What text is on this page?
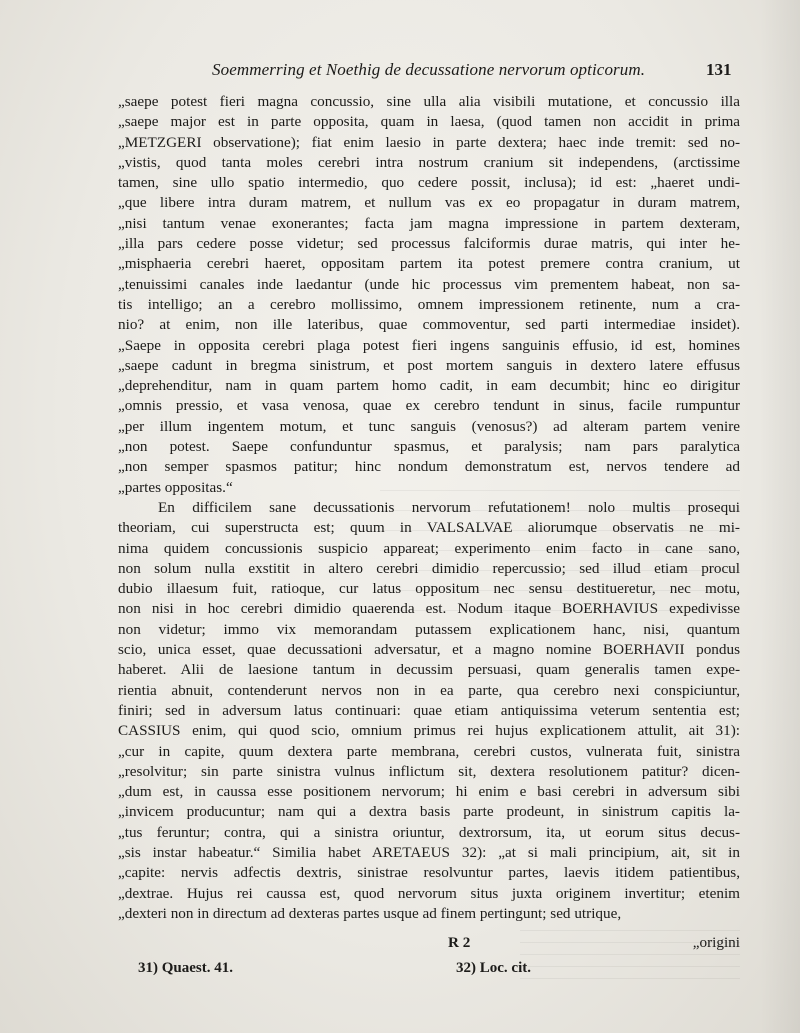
Soemmerring et Noethig de decussatione nervorum opticorum.	131
„saepe potest fieri magna concussio, sine ulla alia visibili mutatione, et concussio illa
„saepe major est in parte opposita, quam in laesa, (quod tamen non accidit in prima
„METZGERI observatione); fiat enim laesio in parte dextera; haec inde tremit: sed no-
„vistis, quod tanta moles cerebri intra nostrum cranium sit independens, (arctissime
tamen, sine ullo spatio intermedio, quo cedere possit, inclusa); id est: „haeret undi-
„que libere intra duram matrem, et nullum vas ex eo propagatur in duram matrem,
„nisi tantum venae exonerantes; facta jam magna impressione in partem dexteram,
„illa pars cedere posse videtur; sed processus falciformis durae matris, qui inter he-
„misphaeria cerebri haeret, oppositam partem ita potest premere contra cranium, ut
„tenuissimi canales inde laedantur (unde hic processus vim prementem habeat, non sa-
tis intelligo; an a cerebro mollissimo, omnem impressionem retinente, num a cra-
nio? at enim, non ille lateribus, quae commoventur, sed parti intermediae insidet).
„Saepe in opposita cerebri plaga potest fieri ingens sanguinis effusio, id est, homines
„saepe cadunt in bregma sinistrum, et post mortem sanguis in dextero latere effusus
„deprehenditur, nam in quam partem homo cadit, in eam decumbit; hinc eo dirigitur
„omnis pressio, et vasa venosa, quae ex cerebro tendunt in sinus, facile rumpuntur
„per illum ingentem motum, et tunc sanguis (venosus?) ad alteram partem venire
„non potest. Saepe confunduntur spasmus, et paralysis; nam pars paralytica
„non semper spasmos patitur; hinc nondum demonstratum est, nervos tendere ad
„partes oppositas.“
En difficilem sane decussationis nervorum refutationem! nolo multis prosequi
theoriam, cui superstructa est; quum in VALSALVAE aliorumque observatis ne mi-
nima quidem concussionis suspicio appareat; experimento enim facto in cane sano,
non solum nulla exstitit in altero cerebri dimidio repercussio; sed illud etiam procul
dubio illaesum fuit, ratioque, cur latus oppositum nec sensu destitueretur, nec motu,
non nisi in hoc cerebri dimidio quaerenda est. Nodum itaque BOERHAVIUS expedivisse
non videtur; immo vix memorandam putassem explicationem hanc, nisi, quantum
scio, unica esset, quae decussationi adversatur, et a magno nomine BOERHAVII pondus
haberet. Alii de laesione tantum in decussim persuasi, quam generalis tamen expe-
rientia abnuit, contenderunt nervos non in ea parte, qua cerebro nexi conspiciuntur,
finiri; sed in adversum latus continuari: quae etiam antiquissima veterum sententia est;
CASSIUS enim, qui quod scio, omnium primus rei hujus explicationem attulit, ait 31):
„cur in capite, quum dextera parte membrana, cerebri custos, vulnerata fuit, sinistra
„resolvitur; sin parte sinistra vulnus inflictum sit, dextera resolutionem patitur? dicen-
„dum est, in caussa esse positionem nervorum; hi enim e basi cerebri in adversum sibi
„invicem producuntur; nam qui a dextra basis parte prodeunt, in sinistrum capitis la-
„tus feruntur; contra, qui a sinistra oriuntur, dextrorsum, ita, ut eorum situs decus-
„sis instar habeatur.“ Similia habet ARETAEUS 32): „at si mali principium, ait, sit in
„capite: nervis adfectis dextris, sinistrae resolvuntur partes, laevis itidem patientibus,
„dextrae. Hujus rei caussa est, quod nervorum situs juxta originem invertitur; etenim
„dexteri non in directum ad dexteras partes usque ad finem pertingunt; sed utrique,
R 2	„origini
31) Quaest. 41.	32) Loc. cit.
